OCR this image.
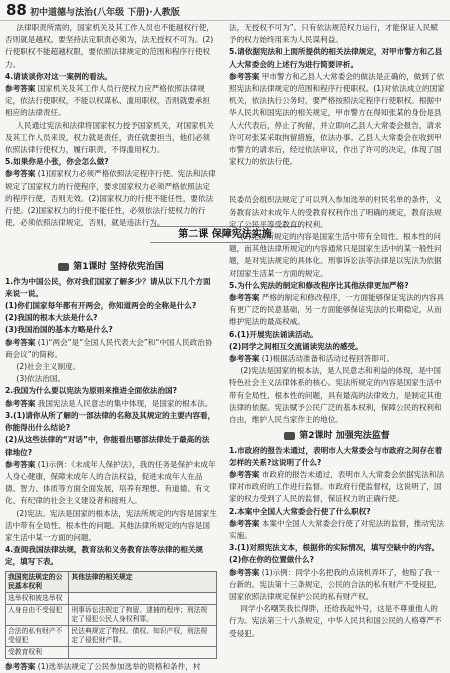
88 初中道德与法治(八年级 下册)·人教版
第二课 保障宪法实施

法律职责所需的，国家机关及其工作人员也不能越权行使，否则就是越权。要坚持法定职责必须为，法无授权不可为。(2)行使职权不能超越权限，要依照法律规定的范围和程序行使权力。

4.请谈谈你对这一案例的看法。

参考答案 国家机关及其工作人员行使权力应严格依照法律规定，依法行使职权，不能以权谋私、滥用职权，否则就要承担相应的法律责任。

人民通过宪法和法律将国家权力授予国家机关，对国家机关及其工作人员来说，权力就是责任，责任就要担当，他们必须依照法律行使权力，履行职责，不得滥用权力。

5.如果你是小张，你会怎么做?

参考答案 (1)国家权力必须严格依照法定程序行使。宪法和法律规定了国家权力的行使程序，要求国家权力必须严格依照法定的程序行使，否则无效。(2)国家权力的行使不能任性，要依法行使。(2)国家权力的行使不能任性，必须依法行使权力的行使，必须依照法律规定，否则，就是违法行为。

第1课时 坚持依宪治国

1.作为中国公民，你对我们国家了解多少？请从以下几个方面来说一说。

(1)你们国家每年都有开两会，你知道两会的全称是什么?

(2)我国的根本大法是什么?

(3)我国治国的基本方略是什么?

参考答案 (1)“两会”是“全国人民代表大会”和“中国人民政治协商会议”的简称。

(2)社会主义制度。

(3)依法治国。

2.我国为什么要以宪法为原则来推进全面依法治国?

参考答案 我国宪法是人民意志的集中体现，是国家的根本法。

3.(1)请你从所了解的一部法律的名称及其规定的主要内容看，你能得出什么结论?

(2)从这些法律的“对话”中，你能看出哪部法律处于最高的法律地位?

参考答案 (1)示例：《未成年人保护法》，我的任务是保护未成年人身心健康，保障未成年人的合法权益，促进未成年人在品德、智力、体质等方面全面发展，培养有理想、有道德、有文化、有纪律的社会主义建设者和接班人。

(2)宪法。宪法是国家的根本法，宪法所规定的内容是国家生活中带有全局性、根本性的问题。其他法律所规定的内容是国家生活中某一方面的问题。

4.查阅我国法律法规，教育法和义务教育法等法律的相关规定，填写下表。

我国宪法规定的公民基本权利	其他法律的相关规定
选举权和被选举权	
人身自由不受侵犯	刑事诉讼法规定了拘留、逮捕的程序；刑法规定了侵犯公民人身权利罪。
合法的私有财产不受侵犯	民法典规定了物权、债权、知识产权，刑法规定了侵犯财产罪。
受教育权利	

参考答案 (1)选举法规定了公民参加选举的资格和条件，村

法，无授权不可为”。只有依法规范权力运行，才能保证人民赋予的权力始终用来为人民谋利益。

5.请依据宪法和上面所提供的相关法律规定，对甲市警方和乙县人大常委会的上述行为进行简要评析。

参考答案 甲市警方和乙县人大常委会的做法是正确的，做到了依照宪法和法律规定的范围和程序行使职权。(1)对依法成立的国家机关，依法执行公务时，要严格按照法定程序行使职权。根据中华人民共和国宪法的相关规定，甲市警方在得知张某的身份是县人大代表后，停止了拘留，并立即向乙县人大常委会报告，请求许可对张某采取拘留措施，依法办事。乙县人大常委会在收到甲市警方的请求后，经过依法审议，作出了许可的决定，体现了国家权力的依法行使。

民委员会组织法规定了可以列入参加选举的村民名单的条件，义务教育法对未成年人的受教育权利作出了明确的规定，教育法规定了公民平等受教育的权利。

(2)宪法所规定的内容是国家生活中带有全局性、根本性的问题，而其他法律所规定的内容通常只是国家生活中的某一般性问题，是对宪法规定的具体化。刑事诉讼法等法律是以宪法为依据对国家生活某一方面的规定。

5.为什么宪法的制定和修改程序比其他法律更加严格?

参考答案 严格的制定和修改程序，一方面能够保证宪法的内容具有更广泛的民意基础，另一方面能够保证宪法的长期稳定，从而维护宪法的最高权威。

6.(1)开展宪法诵读活动。

(2)同学之间相互交流诵读宪法的感受。

参考答案 (1)根据活动准备和活动过程回答即可。

(2)宪法是国家的根本法，是人民意志和利益的体现，是中国特色社会主义法律体系的核心。宪法所规定的内容是国家生活中带有全局性、根本性的问题，具有最高的法律效力，是制定其他法律的依据。宪法赋予公民广泛的基本权利，保障公民的权利和自由，维护人民当家作主的地位。

第2课时 加强宪法监督

1.市政府的报告未通过，表明市人大常委会与市政府之间存在着怎样的关系?这说明了什么?

参考答案 市政府的报告未通过，表明市人大常委会依据宪法和法律对市政府的工作进行监督。市政府行使监督权，这说明了，国家的权力受到了人民的监督，保证权力的正确行使。

2.本案中全国人大常委会行使了什么职权?

参考答案 本案中全国人大常委会行使了对宪法的监督，推动宪法实施。

3.(1)对照宪法文本，根据你的实际情况，填写空缺中的内容。

(2)你在你的位置做什么?

参考答案 (1)示例：同学小名把我的点读机弄坏了，他赔了我一台新的。宪法第十三条规定，公民的合法的私有财产不受侵犯，国家依照法律规定保护公民的私有财产权。

同学小名嘲笑我长得胖，还给我起外号，这是不尊重他人的行为。宪法第三十八条规定，中华人民共和国公民的人格尊严不受侵犯。
